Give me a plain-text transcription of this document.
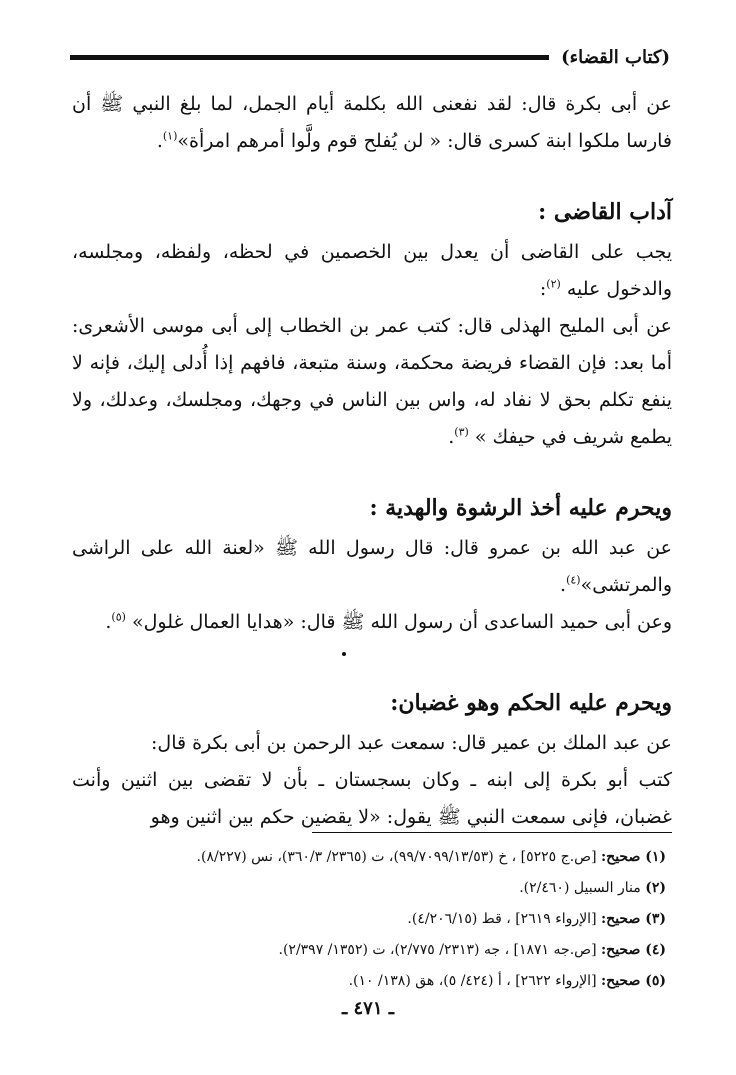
(كتاب القضاء)

عن أبى بكرة قال: لقد نفعنى الله بكلمة أيام الجمل، لما بلغ النبي ﷺ أن فارسا ملكوا ابنة كسرى قال: « لن يُفلح قوم ولَّوا أمرهم امرأة»$^{(١)}$.

آداب القاضى :

يجب على القاضى أن يعدل بين الخصمين في لحظه، ولفظه، ومجلسه، والدخول عليه $^{(٢)}$:

عن أبى المليح الهذلى قال: كتب عمر بن الخطاب إلى أبى موسى الأشعرى: أما بعد: فإن القضاء فريضة محكمة، وسنة متبعة، فافهم إذا أُدلى إليك، فإنه لا ينفع تكلم بحق لا نفاد له، واس بين الناس في وجهك، ومجلسك، وعدلك، ولا يطمع شريف في حيفك » $^{(٣)}$.

ويحرم عليه أخذ الرشوة والهدية :

عن عبد الله بن عمرو قال: قال رسول الله ﷺ «لعنة الله على الراشى والمرتشى»$^{(٤)}$.

وعن أبى حميد الساعدى أن رسول الله ﷺ قال: «هدايا العمال غلول» $^{(٥)}$.

ويحرم عليه الحكم وهو غضبان:

عن عبد الملك بن عمير قال: سمعت عبد الرحمن بن أبى بكرة قال:

كتب أبو بكرة إلى ابنه ـ وكان بسجستان ـ بأن لا تقضى بين اثنين وأنت غضبان، فإنى سمعت النبي ﷺ يقول: «لا يقضين حكم بين اثنين وهو

(١) صحيح: [ص.ج ٥٢٢٥] ، خ (٩٩/٧٠٩٩/١٣/٥٣)، ت (٢٣٦٥/ ٣٦٠/٣)، نس (٨/٢٢٧).

(٢) منار السبيل (٢/٤٦٠).

(٣) صحيح: [الإرواء ٢٦١٩] ، قط (٤/٢٠٦/١٥).

(٤) صحيح: [ص.جه ١٨٧١] ، جه (٢٣١٣/ ٢/٧٧٥)، ت (١٣٥٢/ ٢/٣٩٧).

(٥) صحيح: [الإرواء ٢٦٢٢] ، أ (٤٢٤/ ٥)، هق (١٣٨/ ١٠).

ـ ٤٧١ ـ
